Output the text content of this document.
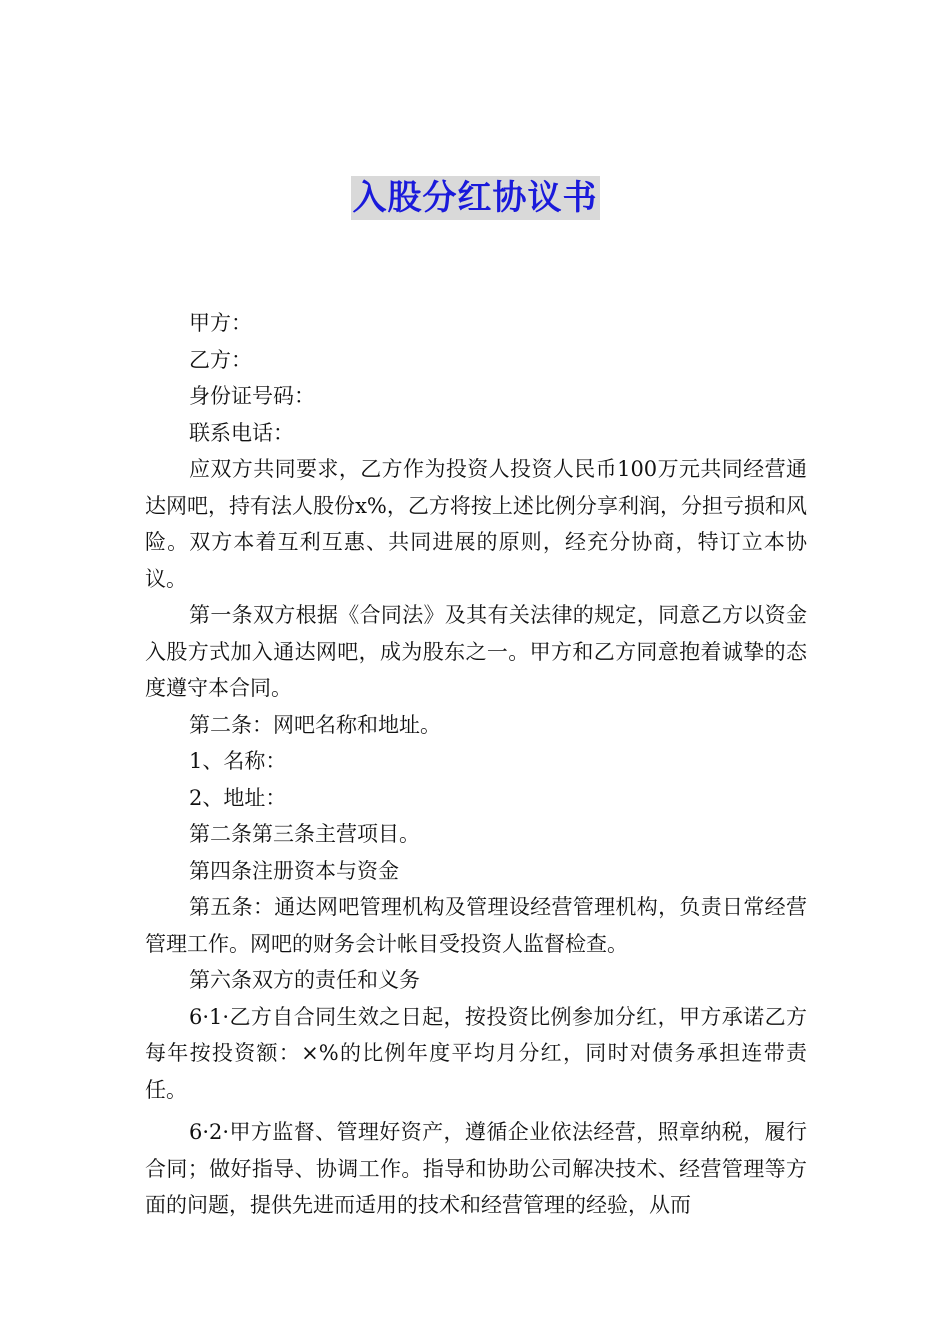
入股分红协议书

甲方：

乙方：

身份证号码：

联系电话：

应双方共同要求，乙方作为投资人投资人民币100万元共同经营通达网吧，持有法人股份x%，乙方将按上述比例分享利润，分担亏损和风险。双方本着互利互惠、共同进展的原则，经充分协商，特订立本协议。

第一条双方根据《合同法》及其有关法律的规定，同意乙方以资金入股方式加入通达网吧，成为股东之一。甲方和乙方同意抱着诚挚的态度遵守本合同。

第二条：网吧名称和地址。

1、名称：

2、地址：

第二条第三条主营项目。

第四条注册资本与资金

第五条：通达网吧管理机构及管理设经营管理机构，负责日常经营管理工作。网吧的财务会计帐目受投资人监督检查。

第六条双方的责任和义务

6·1·乙方自合同生效之日起，按投资比例参加分红，甲方承诺乙方每年按投资额：×%的比例年度平均月分红，同时对债务承担连带责任。

6·2·甲方监督、管理好资产，遵循企业依法经营，照章纳税，履行合同；做好指导、协调工作。指导和协助公司解决技术、经营管理等方面的问题，提供先进而适用的技术和经营管理的经验，从而
